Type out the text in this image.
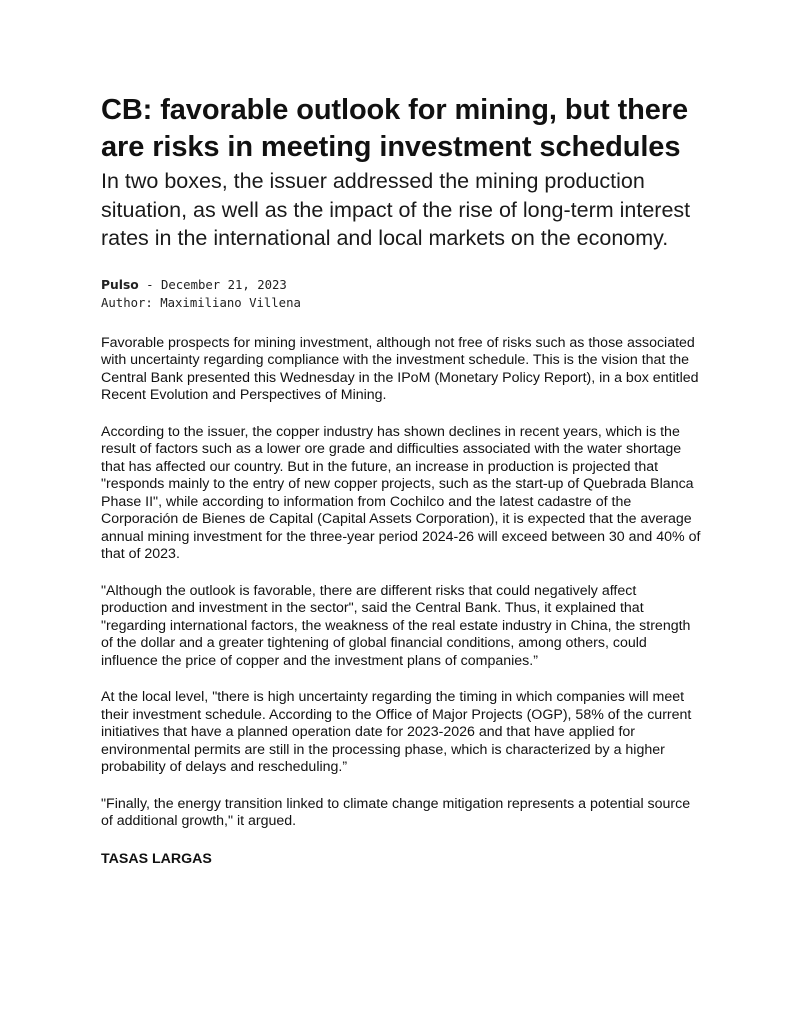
CB: favorable outlook for mining, but there are risks in meeting investment schedules
In two boxes, the issuer addressed the mining production situation, as well as the impact of the rise of long-term interest rates in the international and local markets on the economy.
Pulso - December 21, 2023
Author: Maximiliano Villena

Favorable prospects for mining investment, although not free of risks such as those associated with uncertainty regarding compliance with the investment schedule. This is the vision that the Central Bank presented this Wednesday in the IPoM (Monetary Policy Report), in a box entitled Recent Evolution and Perspectives of Mining.

According to the issuer, the copper industry has shown declines in recent years, which is the result of factors such as a lower ore grade and difficulties associated with the water shortage that has affected our country. But in the future, an increase in production is projected that "responds mainly to the entry of new copper projects, such as the start-up of Quebrada Blanca Phase II", while according to information from Cochilco and the latest cadastre of the Corporación de Bienes de Capital (Capital Assets Corporation), it is expected that the average annual mining investment for the three-year period 2024-26 will exceed between 30 and 40% of that of 2023.

"Although the outlook is favorable, there are different risks that could negatively affect production and investment in the sector", said the Central Bank. Thus, it explained that "regarding international factors, the weakness of the real estate industry in China, the strength of the dollar and a greater tightening of global financial conditions, among others, could influence the price of copper and the investment plans of companies.”

At the local level, "there is high uncertainty regarding the timing in which companies will meet their investment schedule. According to the Office of Major Projects (OGP), 58% of the current initiatives that have a planned operation date for 2023-2026 and that have applied for environmental permits are still in the processing phase, which is characterized by a higher probability of delays and rescheduling.”

"Finally, the energy transition linked to climate change mitigation represents a potential source of additional growth," it argued.

TASAS LARGAS
